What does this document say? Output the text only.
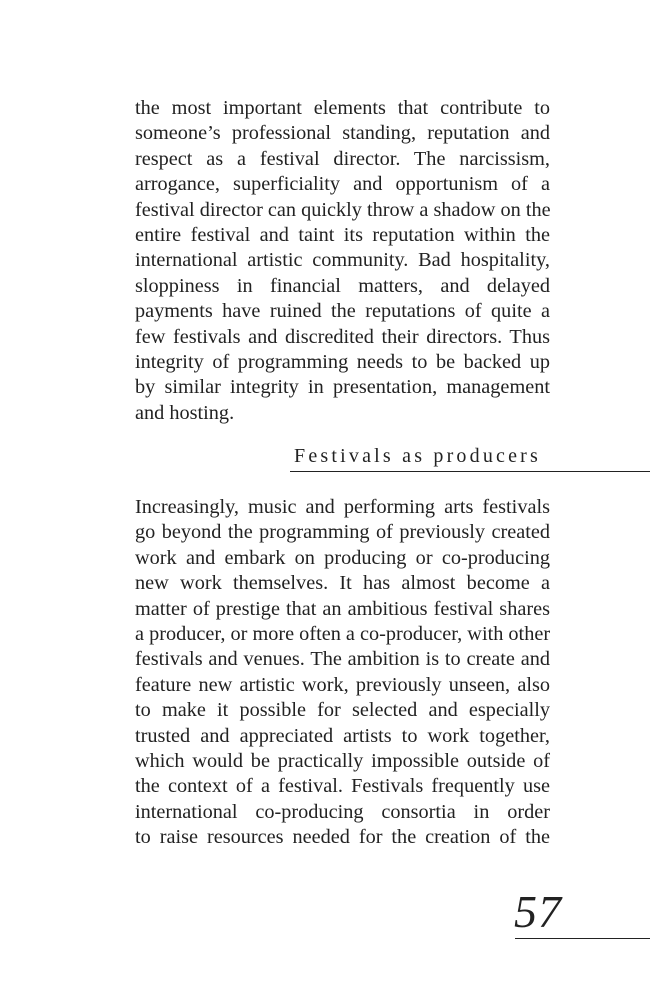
the most important elements that contribute to
someone’s professional standing, reputation and
respect as a festival director. The narcissism,
arrogance, superficiality and opportunism of a
festival director can quickly throw a shadow on the
entire festival and taint its reputation within the
international artistic community. Bad hospitality,
sloppiness in financial matters, and delayed
payments have ruined the reputations of quite a
few festivals and discredited their directors. Thus
integrity of programming needs to be backed up
by similar integrity in presentation, management
and hosting.
Festivals as producers
Increasingly, music and performing arts festivals
go beyond the programming of previously created
work and embark on producing or co-producing
new work themselves. It has almost become a
matter of prestige that an ambitious festival shares
a producer, or more often a co-producer, with other
festivals and venues. The ambition is to create and
feature new artistic work, previously unseen, also
to make it possible for selected and especially
trusted and appreciated artists to work together,
which would be practically impossible outside of
the context of a festival. Festivals frequently use
international co-producing consortia in order
to raise resources needed for the creation of the
57
